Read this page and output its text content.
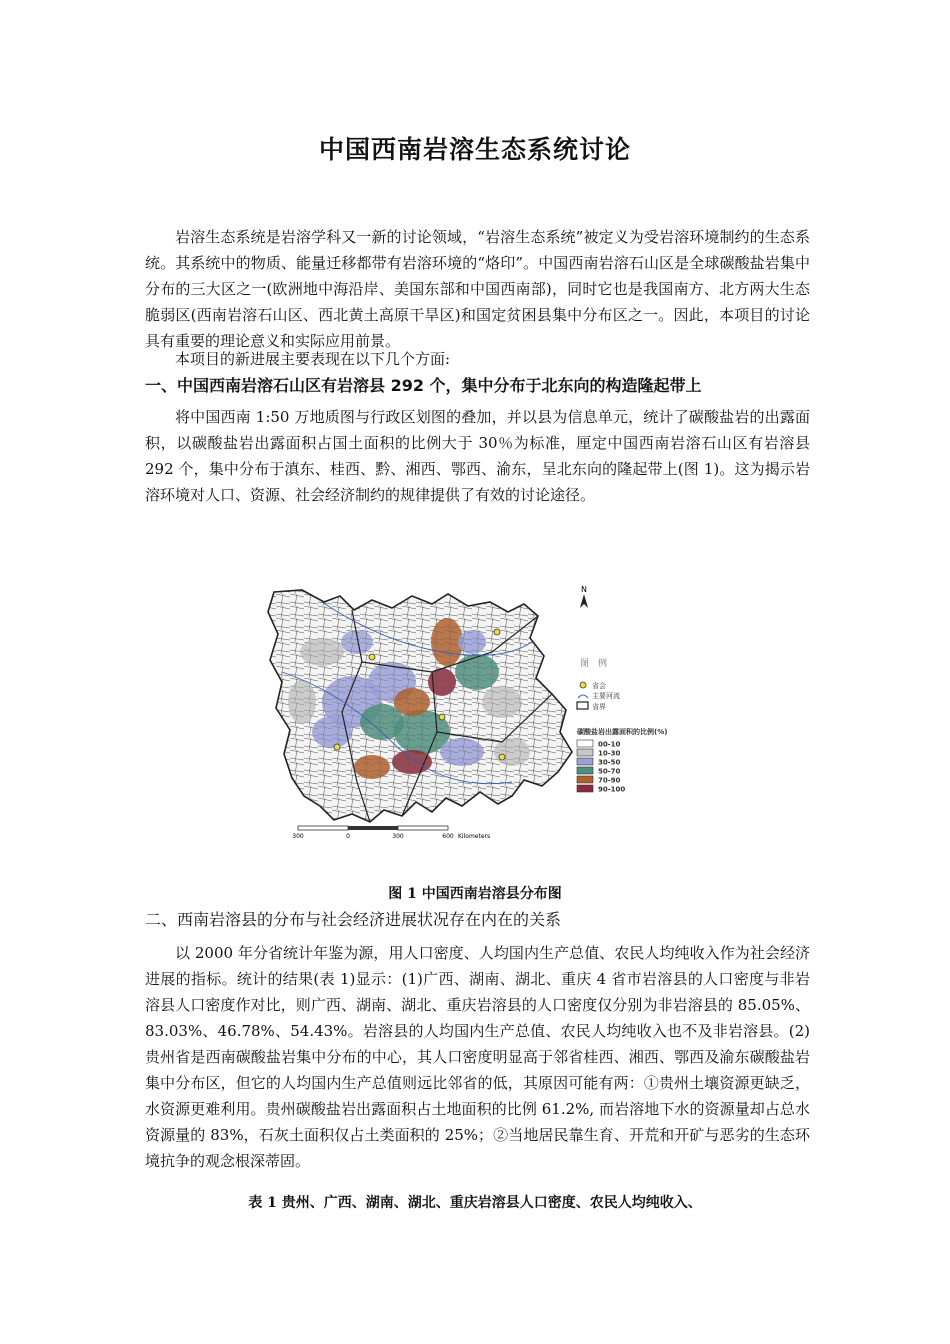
中国西南岩溶生态系统讨论
岩溶生态系统是岩溶学科又一新的讨论领域，“岩溶生态系统”被定义为受岩溶环境制约的生态系统。其系统中的物质、能量迁移都带有岩溶环境的“烙印”。中国西南岩溶石山区是全球碳酸盐岩集中分布的三大区之一(欧洲地中海沿岸、美国东部和中国西南部)，同时它也是我国南方、北方两大生态脆弱区(西南岩溶石山区、西北黄土高原干旱区)和国定贫困县集中分布区之一。因此，本项目的讨论具有重要的理论意义和实际应用前景。
本项目的新进展主要表现在以下几个方面:
一、中国西南岩溶石山区有岩溶县 292 个，集中分布于北东向的构造隆起带上
将中国西南 1:50 万地质图与行政区划图的叠加，并以县为信息单元，统计了碳酸盐岩的出露面积，以碳酸盐岩出露面积占国土面积的比例大于 30％为标准，厘定中国西南岩溶石山区有岩溶县 292 个，集中分布于滇东、桂西、黔、湘西、鄂西、渝东，呈北东向的隆起带上(图 1)。这为揭示岩溶环境对人口、资源、社会经济制约的规律提供了有效的讨论途径。
N
图　例
省会
主要河流
省界
碳酸盐岩出露面积的比例(%)
00-10
10-30
30-50
50-70
70-90
90-100
300	0	300	600 Kilometers
图 1 中国西南岩溶县分布图
二、西南岩溶县的分布与社会经济进展状况存在内在的关系
以 2000 年分省统计年鉴为源，用人口密度、人均国内生产总值、农民人均纯收入作为社会经济进展的指标。统计的结果(表 1)显示：(1)广西、湖南、湖北、重庆 4 省市岩溶县的人口密度与非岩溶县人口密度作对比，则广西、湖南、湖北、重庆岩溶县的人口密度仅分别为非岩溶县的 85.05%、83.03%、46.78%、54.43%。岩溶县的人均国内生产总值、农民人均纯收入也不及非岩溶县。(2)贵州省是西南碳酸盐岩集中分布的中心，其人口密度明显高于邻省桂西、湘西、鄂西及渝东碳酸盐岩集中分布区，但它的人均国内生产总值则远比邻省的低，其原因可能有两：①贵州土壤资源更缺乏，水资源更难利用。贵州碳酸盐岩出露面积占土地面积的比例 61.2%, 而岩溶地下水的资源量却占总水资源量的 83%，石灰土面积仅占土类面积的 25%；②当地居民靠生育、开荒和开矿与恶劣的生态环境抗争的观念根深蒂固。
表 1 贵州、广西、湖南、湖北、重庆岩溶县人口密度、农民人均纯收入、
